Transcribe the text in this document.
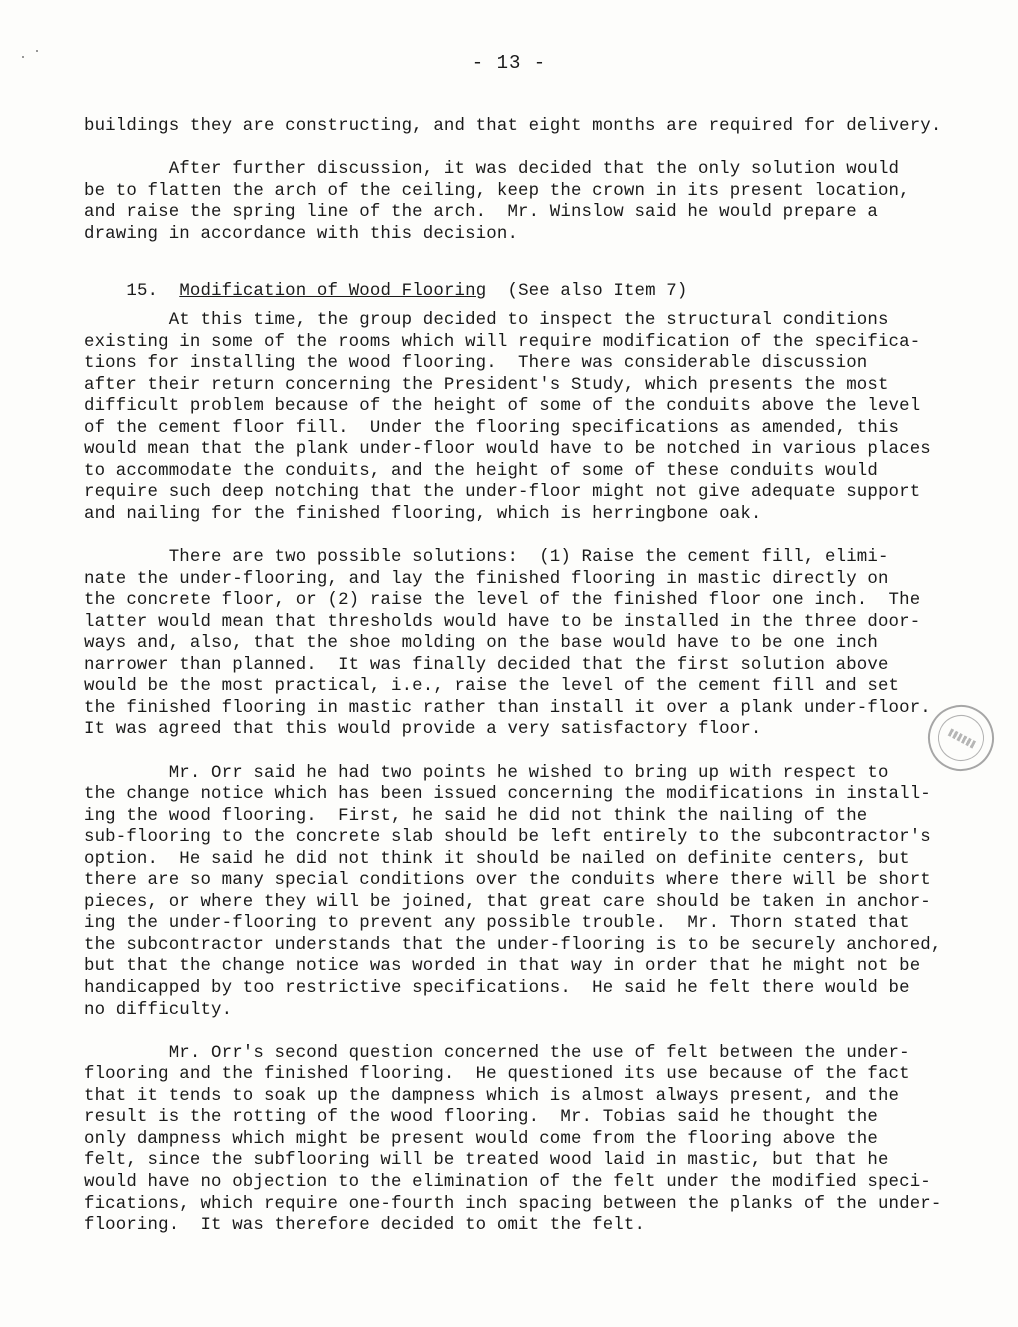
- 13 -
buildings they are constructing, and that eight months are required for delivery.
After further discussion, it was decided that the only solution would
be to flatten the arch of the ceiling, keep the crown in its present location,
and raise the spring line of the arch.  Mr. Winslow said he would prepare a
drawing in accordance with this decision.
At this time, the group decided to inspect the structural conditions
existing in some of the rooms which will require modification of the specifica-
tions for installing the wood flooring.  There was considerable discussion
after their return concerning the President's Study, which presents the most
difficult problem because of the height of some of the conduits above the level
of the cement floor fill.  Under the flooring specifications as amended, this
would mean that the plank under-floor would have to be notched in various places
to accommodate the conduits, and the height of some of these conduits would
require such deep notching that the under-floor might not give adequate support
and nailing for the finished flooring, which is herringbone oak.
There are two possible solutions:  (1) Raise the cement fill, elimi-
nate the under-flooring, and lay the finished flooring in mastic directly on
the concrete floor, or (2) raise the level of the finished floor one inch.  The
latter would mean that thresholds would have to be installed in the three door-
ways and, also, that the shoe molding on the base would have to be one inch
narrower than planned.  It was finally decided that the first solution above
would be the most practical, i.e., raise the level of the cement fill and set
the finished flooring in mastic rather than install it over a plank under-floor.
It was agreed that this would provide a very satisfactory floor.
Mr. Orr said he had two points he wished to bring up with respect to
the change notice which has been issued concerning the modifications in install-
ing the wood flooring.  First, he said he did not think the nailing of the
sub-flooring to the concrete slab should be left entirely to the subcontractor's
option.  He said he did not think it should be nailed on definite centers, but
there are so many special conditions over the conduits where there will be short
pieces, or where they will be joined, that great care should be taken in anchor-
ing the under-flooring to prevent any possible trouble.  Mr. Thorn stated that
the subcontractor understands that the under-flooring is to be securely anchored,
but that the change notice was worded in that way in order that he might not be
handicapped by too restrictive specifications.  He said he felt there would be
no difficulty.
Mr. Orr's second question concerned the use of felt between the under-
flooring and the finished flooring.  He questioned its use because of the fact
that it tends to soak up the dampness which is almost always present, and the
result is the rotting of the wood flooring.  Mr. Tobias said he thought the
only dampness which might be present would come from the flooring above the
felt, since the subflooring will be treated wood laid in mastic, but that he
would have no objection to the elimination of the felt under the modified speci-
fications, which require one-fourth inch spacing between the planks of the under-
flooring.  It was therefore decided to omit the felt.

15. Modification of Wood Flooring (See also Item 7)
